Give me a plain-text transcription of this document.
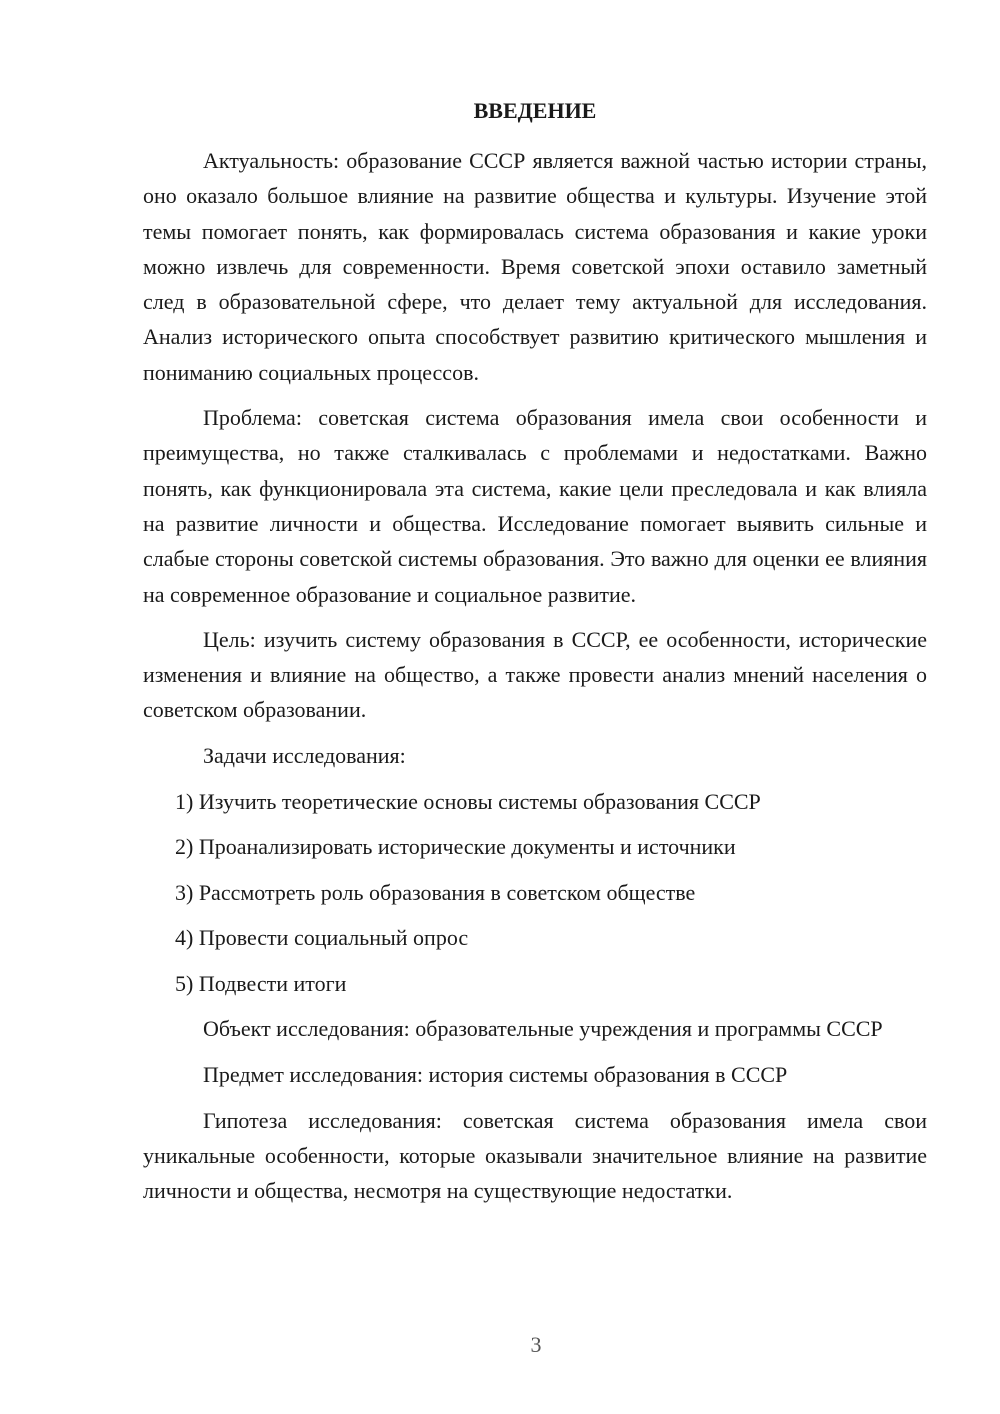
ВВЕДЕНИЕ

Актуальность: образование СССР является важной частью истории страны, оно оказало большое влияние на развитие общества и культуры. Изучение этой темы помогает понять, как формировалась система образования и какие уроки можно извлечь для современности. Время советской эпохи оставило заметный след в образовательной сфере, что делает тему актуальной для исследования. Анализ исторического опыта способствует развитию критического мышления и пониманию социальных процессов.

Проблема: советская система образования имела свои особенности и преимущества, но также сталкивалась с проблемами и недостатками. Важно понять, как функционировала эта система, какие цели преследовала и как влияла на развитие личности и общества. Исследование помогает выявить сильные и слабые стороны советской системы образования. Это важно для оценки ее влияния на современное образование и социальное развитие.

Цель: изучить систему образования в СССР, ее особенности, исторические изменения и влияние на общество, а также провести анализ мнений населения о советском образовании.

Задачи исследования:

1) Изучить теоретические основы системы образования СССР
2) Проанализировать исторические документы и источники
3) Рассмотреть роль образования в советском обществе
4) Провести социальный опрос
5) Подвести итоги

Объект исследования: образовательные учреждения и программы СССР

Предмет исследования: история системы образования в СССР

Гипотеза исследования: советская система образования имела свои уникальные особенности, которые оказывали значительное влияние на развитие личности и общества, несмотря на существующие недостатки.

3
